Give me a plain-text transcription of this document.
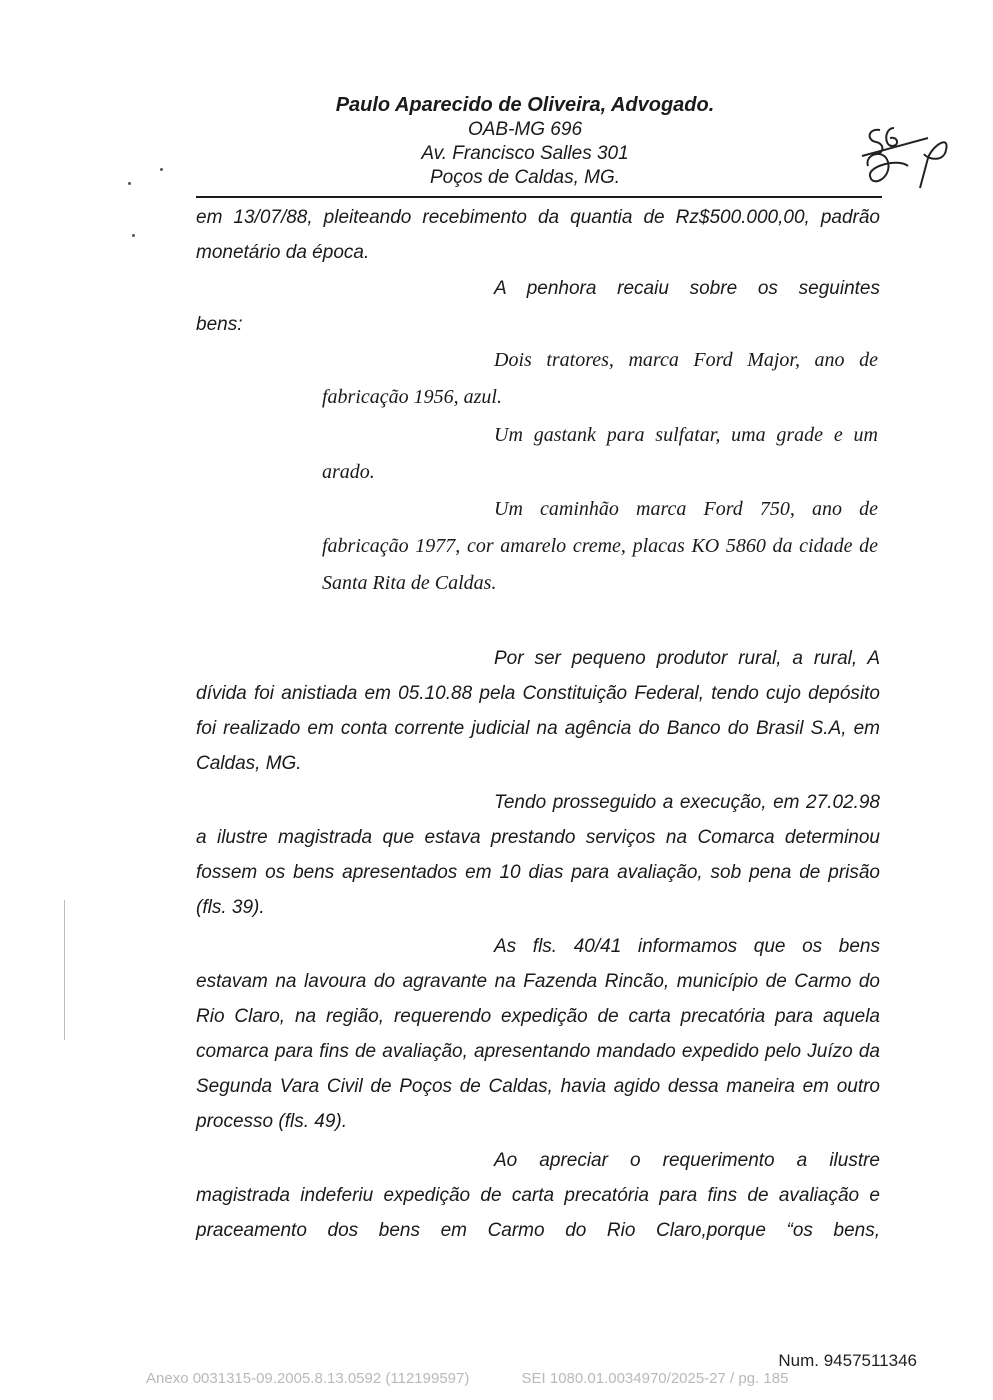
Paulo Aparecido de Oliveira, Advogado.
OAB-MG 696
Av. Francisco Salles 301
Poços de Caldas, MG.

em 13/07/88, pleiteando recebimento da quantia de Rz$500.000,00, padrão monetário da época.

A penhora recaiu sobre os seguintes

bens:

Dois tratores, marca Ford Major, ano de fabricação 1956, azul.

Um gastank para sulfatar, uma grade e um arado.

Um caminhão marca Ford 750, ano de fabricação 1977, cor amarelo creme, placas KO 5860 da cidade de Santa Rita de Caldas.

Por ser pequeno produtor rural, a rural, A dívida foi anistiada em 05.10.88 pela Constituição Federal, tendo cujo depósito foi realizado em conta corrente judicial na agência do Banco do Brasil S.A, em Caldas, MG.

Tendo prosseguido a execução, em 27.02.98 a ilustre magistrada que estava prestando serviços na Comarca determinou fossem os bens apresentados em 10 dias para avaliação, sob pena de prisão (fls. 39).

As fls. 40/41 informamos que os bens estavam na lavoura do agravante na Fazenda Rincão, município de Carmo do Rio Claro, na região, requerendo expedição de carta precatória para aquela comarca para fins de avaliação, apresentando mandado expedido pelo Juízo da Segunda Vara Civil de Poços de Caldas, havia agido dessa maneira em outro processo (fls. 49).

Ao apreciar o requerimento a ilustre magistrada indeferiu expedição de carta precatória para fins de avaliação e praceamento dos bens em Carmo do Rio Claro,porque “os bens,

Num. 9457511346
Anexo 0031315-09.2005.8.13.0592 (112199597)	SEI 1080.01.0034970/2025-27 / pg. 185
